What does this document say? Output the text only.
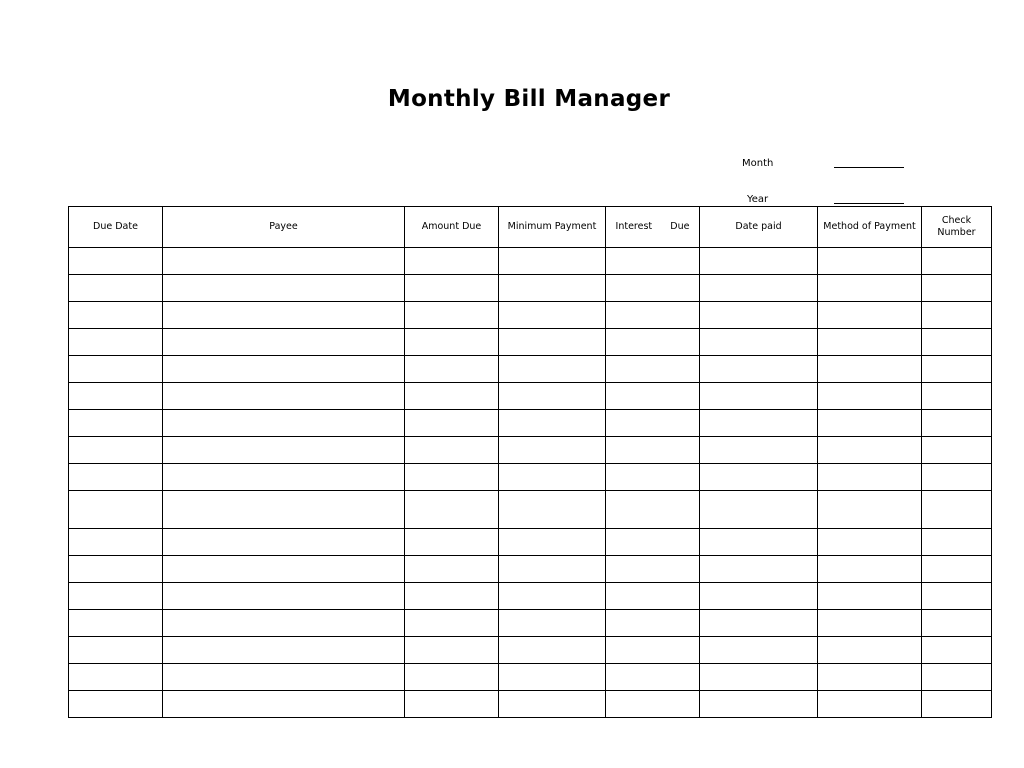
Monthly Bill Manager
Month
Year
Due Date	Payee	Amount Due	Minimum Payment	Interest      Due	Date paid	Method of Payment	Check
Number
